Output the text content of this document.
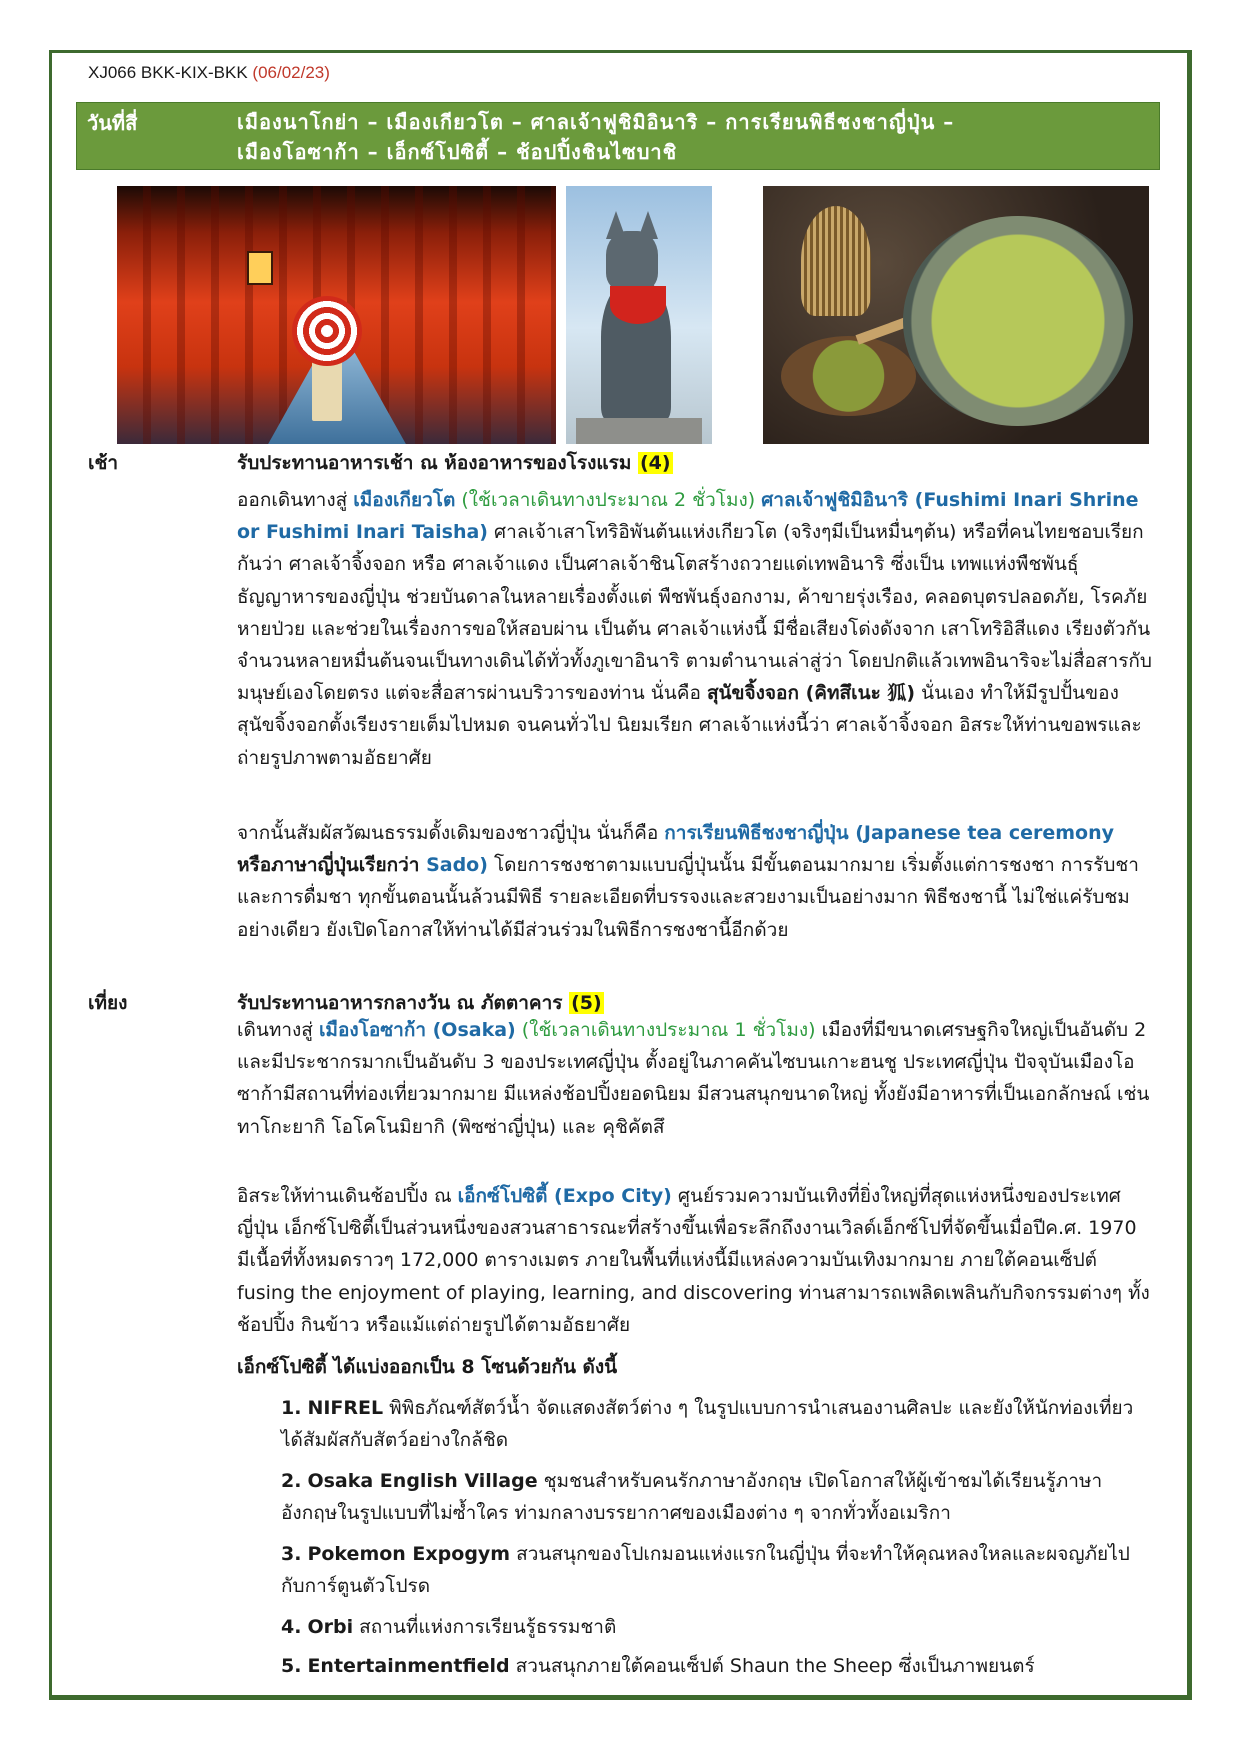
XJ066 BKK-KIX-BKK (06/02/23)
วันที่สี่	เมืองนาโกย่า – เมืองเกียวโต – ศาลเจ้าฟูชิมิอินาริ – การเรียนพิธีชงชาญี่ปุ่น –
เมืองโอซาก้า – เอ็กซ์โปซิตี้ – ช้อปปิ้งชินไซบาชิ
เช้า	รับประทานอาหารเช้า ณ ห้องอาหารของโรงแรม (4)
ออกเดินทางสู่ เมืองเกียวโต (ใช้เวลาเดินทางประมาณ 2 ชั่วโมง) ศาลเจ้าฟูชิมิอินาริ (Fushimi Inari Shrine or Fushimi Inari Taisha) ศาลเจ้าเสาโทริอิพันต้นแห่งเกียวโต (จริงๆมีเป็นหมื่นๆต้น) หรือที่คนไทยชอบเรียกกันว่า ศาลเจ้าจิ้งจอก หรือ ศาลเจ้าแดง เป็นศาลเจ้าชินโตสร้างถวายแด่เทพอินาริ ซึ่งเป็น เทพแห่งพืชพันธุ์ธัญญาหารของญี่ปุ่น ช่วยบันดาลในหลายเรื่องตั้งแต่ พืชพันธุ์งอกงาม, ค้าขายรุ่งเรือง, คลอดบุตรปลอดภัย, โรคภัยหายป่วย และช่วยในเรื่องการขอให้สอบผ่าน เป็นต้น ศาลเจ้าแห่งนี้ มีชื่อเสียงโด่งดังจาก เสาโทริอิสีแดง เรียงตัวกันจำนวนหลายหมื่นต้นจนเป็นทางเดินได้ทั่วทั้งภูเขาอินาริ ตามตำนานเล่าสู่ว่า โดยปกติแล้วเทพอินาริจะไม่สื่อสารกับมนุษย์เองโดยตรง แต่จะสื่อสารผ่านบริวารของท่าน นั่นคือ สุนัขจิ้งจอก (คิทสึเนะ 狐) นั่นเอง ทำให้มีรูปปั้นของสุนัขจิ้งจอกตั้งเรียงรายเต็มไปหมด จนคนทั่วไป นิยมเรียก ศาลเจ้าแห่งนี้ว่า ศาลเจ้าจิ้งจอก อิสระให้ท่านขอพรและถ่ายรูปภาพตามอัธยาศัย
จากนั้นสัมผัสวัฒนธรรมดั้งเดิมของชาวญี่ปุ่น นั่นก็คือ การเรียนพิธีชงชาญี่ปุ่น (Japanese tea ceremony หรือภาษาญี่ปุ่นเรียกว่า Sado) โดยการชงชาตามแบบญี่ปุ่นนั้น มีขั้นตอนมากมาย เริ่มตั้งแต่การชงชา การรับชา และการดื่มชา ทุกขั้นตอนนั้นล้วนมีพิธี รายละเอียดที่บรรจงและสวยงามเป็นอย่างมาก พิธีชงชานี้ ไม่ใช่แค่รับชมอย่างเดียว ยังเปิดโอกาสให้ท่านได้มีส่วนร่วมในพิธีการชงชานี้อีกด้วย
เที่ยง	รับประทานอาหารกลางวัน ณ ภัตตาคาร (5)
เดินทางสู่ เมืองโอซาก้า (Osaka) (ใช้เวลาเดินทางประมาณ 1 ชั่วโมง) เมืองที่มีขนาดเศรษฐกิจใหญ่เป็นอันดับ 2 และมีประชากรมากเป็นอันดับ 3 ของประเทศญี่ปุ่น ตั้งอยู่ในภาคคันไซบนเกาะฮนชู ประเทศญี่ปุ่น ปัจจุบันเมืองโอซาก้ามีสถานที่ท่องเที่ยวมากมาย มีแหล่งช้อปปิ้งยอดนิยม มีสวนสนุกขนาดใหญ่ ทั้งยังมีอาหารที่เป็นเอกลักษณ์ เช่น ทาโกะยากิ โอโคโนมิยากิ (พิซซ่าญี่ปุ่น) และ คุชิคัตสึ
อิสระให้ท่านเดินช้อปปิ้ง ณ เอ็กซ์โปซิตี้ (Expo City) ศูนย์รวมความบันเทิงที่ยิ่งใหญ่ที่สุดแห่งหนึ่งของประเทศญี่ปุ่น เอ็กซ์โปซิตี้เป็นส่วนหนึ่งของสวนสาธารณะที่สร้างขึ้นเพื่อระลึกถึงงานเวิลด์เอ็กซ์โปที่จัดขึ้นเมื่อปีค.ศ. 1970 มีเนื้อที่ทั้งหมดราวๆ 172,000 ตารางเมตร ภายในพื้นที่แห่งนี้มีแหล่งความบันเทิงมากมาย ภายใต้คอนเซ็ปต์ fusing the enjoyment of playing, learning, and discovering ท่านสามารถเพลิดเพลินกับกิจกรรมต่างๆ ทั้งช้อปปิ้ง กินข้าว หรือแม้แต่ถ่ายรูปได้ตามอัธยาศัย
เอ็กซ์โปซิตี้ ได้แบ่งออกเป็น 8 โซนด้วยกัน ดังนี้
1. NIFREL พิพิธภัณฑ์สัตว์น้ำ จัดแสดงสัตว์ต่าง ๆ ในรูปแบบการนำเสนองานศิลปะ และยังให้นักท่องเที่ยวได้สัมผัสกับสัตว์อย่างใกล้ชิด
2. Osaka English Village ชุมชนสำหรับคนรักภาษาอังกฤษ เปิดโอกาสให้ผู้เข้าชมได้เรียนรู้ภาษาอังกฤษในรูปแบบที่ไม่ซ้ำใคร ท่ามกลางบรรยากาศของเมืองต่าง ๆ จากทั่วทั้งอเมริกา
3. Pokemon Expogym สวนสนุกของโปเกมอนแห่งแรกในญี่ปุ่น ที่จะทำให้คุณหลงใหลและผจญภัยไปกับการ์ตูนตัวโปรด
4. Orbi สถานที่แห่งการเรียนรู้ธรรมชาติ
5. Entertainmentfield สวนสนุกภายใต้คอนเซ็ปต์ Shaun the Sheep ซึ่งเป็นภาพยนตร์
